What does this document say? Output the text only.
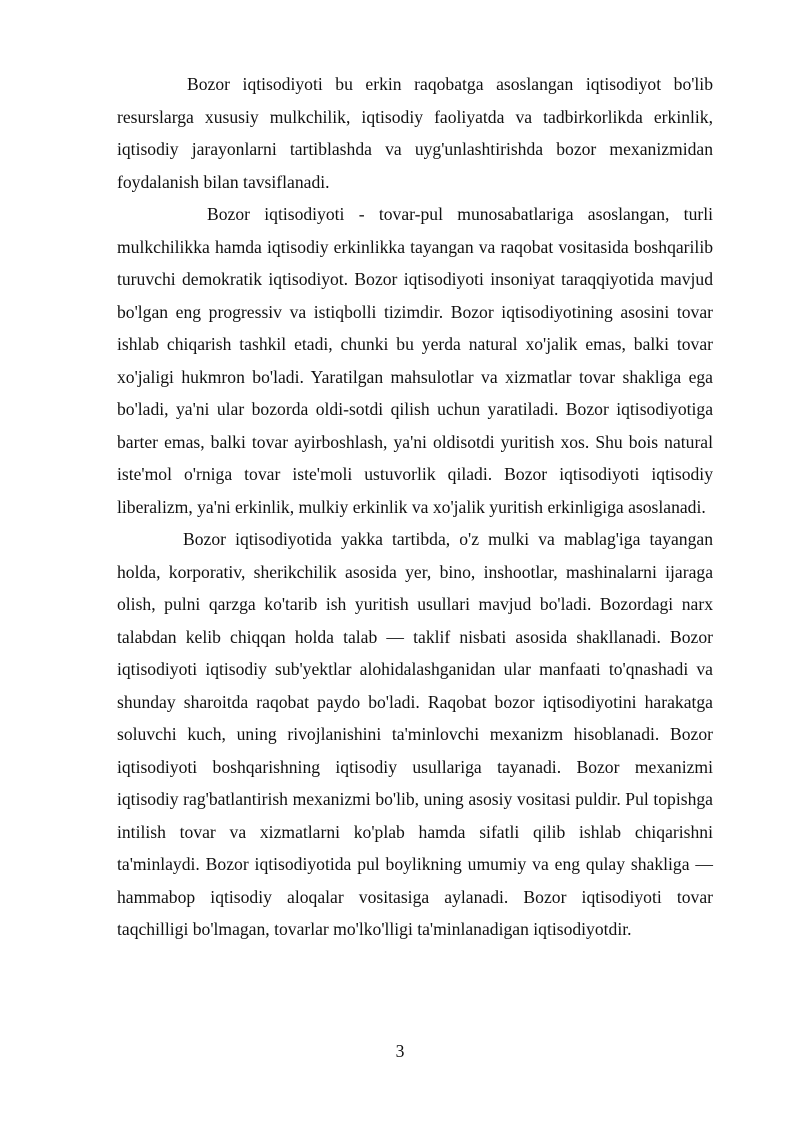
Bozor iqtisodiyoti bu erkin raqobatga asoslangan iqtisodiyot bo'lib resurslarga xususiy mulkchilik, iqtisodiy faoliyatda va tadbirkorlikda erkinlik, iqtisodiy jarayonlarni tartiblashda va uyg'unlashtirishda bozor mexanizmidan foydalanish bilan tavsiflanadi.

Bozor iqtisodiyoti - tovar-pul munosabatlariga asoslangan, turli mulkchilikka hamda iqtisodiy erkinlikka tayangan va raqobat vositasida boshqarilib turuvchi demokratik iqtisodiyot. Bozor iqtisodiyoti insoniyat taraqqiyotida mavjud bo'lgan eng progressiv va istiqbolli tizimdir. Bozor iqtisodiyotining asosini tovar ishlab chiqarish tashkil etadi, chunki bu yerda natural xo'jalik emas, balki tovar xo'jaligi hukmron bo'ladi. Yaratilgan mahsulotlar va xizmatlar tovar shakliga ega bo'ladi, ya'ni ular bozorda oldi-sotdi qilish uchun yaratiladi. Bozor iqtisodiyotiga barter emas, balki tovar ayirboshlash, ya'ni oldisotdi yuritish xos. Shu bois natural iste'mol o'rniga tovar iste'moli ustuvorlik qiladi. Bozor iqtisodiyoti iqtisodiy liberalizm, ya'ni erkinlik, mulkiy erkinlik va xo'jalik yuritish erkinligiga asoslanadi.

Bozor iqtisodiyotida yakka tartibda, o'z mulki va mablag'iga tayangan holda, korporativ, sherikchilik asosida yer, bino, inshootlar, mashinalarni ijaraga olish, pulni qarzga ko'tarib ish yuritish usullari mavjud bo'ladi. Bozordagi narx talabdan kelib chiqqan holda talab — taklif nisbati asosida shakllanadi. Bozor iqtisodiyoti iqtisodiy sub'yektlar alohidalashganidan ular manfaati to'qnashadi va shunday sharoitda raqobat paydo bo'ladi. Raqobat bozor iqtisodiyotini harakatga soluvchi kuch, uning rivojlanishini ta'minlovchi mexanizm hisoblanadi. Bozor iqtisodiyoti boshqarishning iqtisodiy usullariga tayanadi. Bozor mexanizmi iqtisodiy rag'batlantirish mexanizmi bo'lib, uning asosiy vositasi puldir. Pul topishga intilish tovar va xizmatlarni ko'plab hamda sifatli qilib ishlab chiqarishni ta'minlaydi. Bozor iqtisodiyotida pul boylikning umumiy va eng qulay shakliga — hammabop iqtisodiy aloqalar vositasiga aylanadi. Bozor iqtisodiyoti tovar taqchilligi bo'lmagan, tovarlar mo'lko'lligi ta'minlanadigan iqtisodiyotdir.

3
